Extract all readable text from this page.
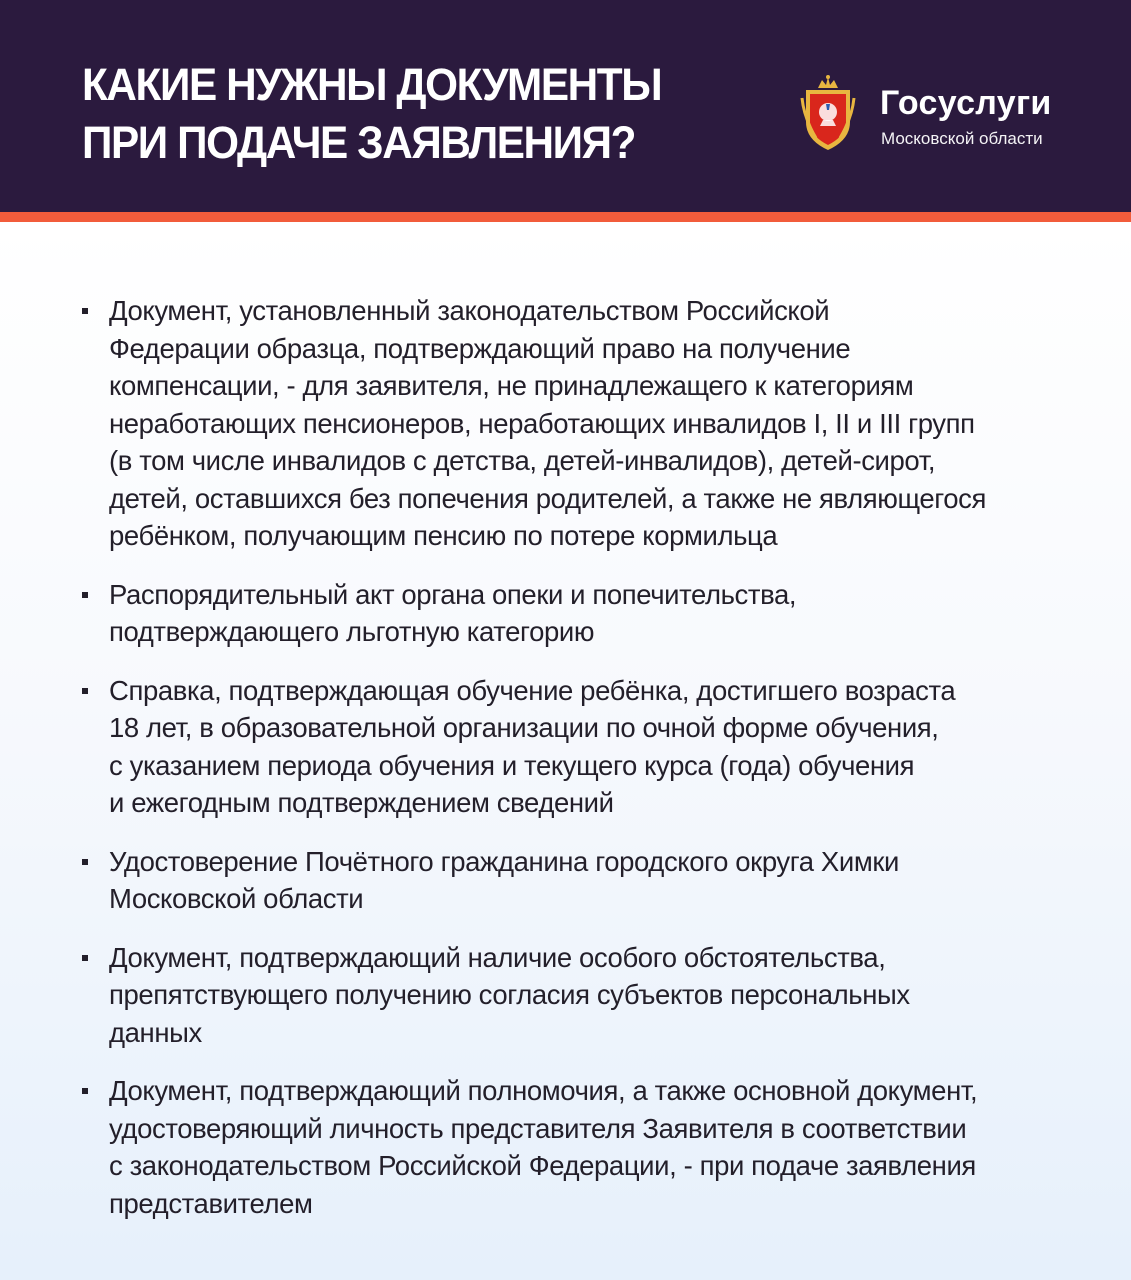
КАКИЕ НУЖНЫ ДОКУМЕНТЫ
ПРИ ПОДАЧЕ ЗАЯВЛЕНИЯ?
Госуслуги
Московской области
Документ, установленный законодательством Российской
Федерации образца, подтверждающий право на получение
компенсации, - для заявителя, не принадлежащего к категориям
неработающих пенсионеров, неработающих инвалидов I, II и III групп
(в том числе инвалидов с детства, детей-инвалидов), детей-сирот,
детей, оставшихся без попечения родителей, а также не являющегося
ребёнком, получающим пенсию по потере кормильца
Распорядительный акт органа опеки и попечительства,
подтверждающего льготную категорию
Справка, подтверждающая обучение ребёнка, достигшего возраста
18 лет, в образовательной организации по очной форме обучения,
с указанием периода обучения и текущего курса (года) обучения
и ежегодным подтверждением сведений
Удостоверение Почётного гражданина городского округа Химки
Московской области
Документ, подтверждающий наличие особого обстоятельства,
препятствующего получению согласия субъектов персональных
данных
Документ, подтверждающий полномочия, а также основной документ,
удостоверяющий личность представителя Заявителя в соответствии
с законодательством Российской Федерации, - при подаче заявления
представителем
